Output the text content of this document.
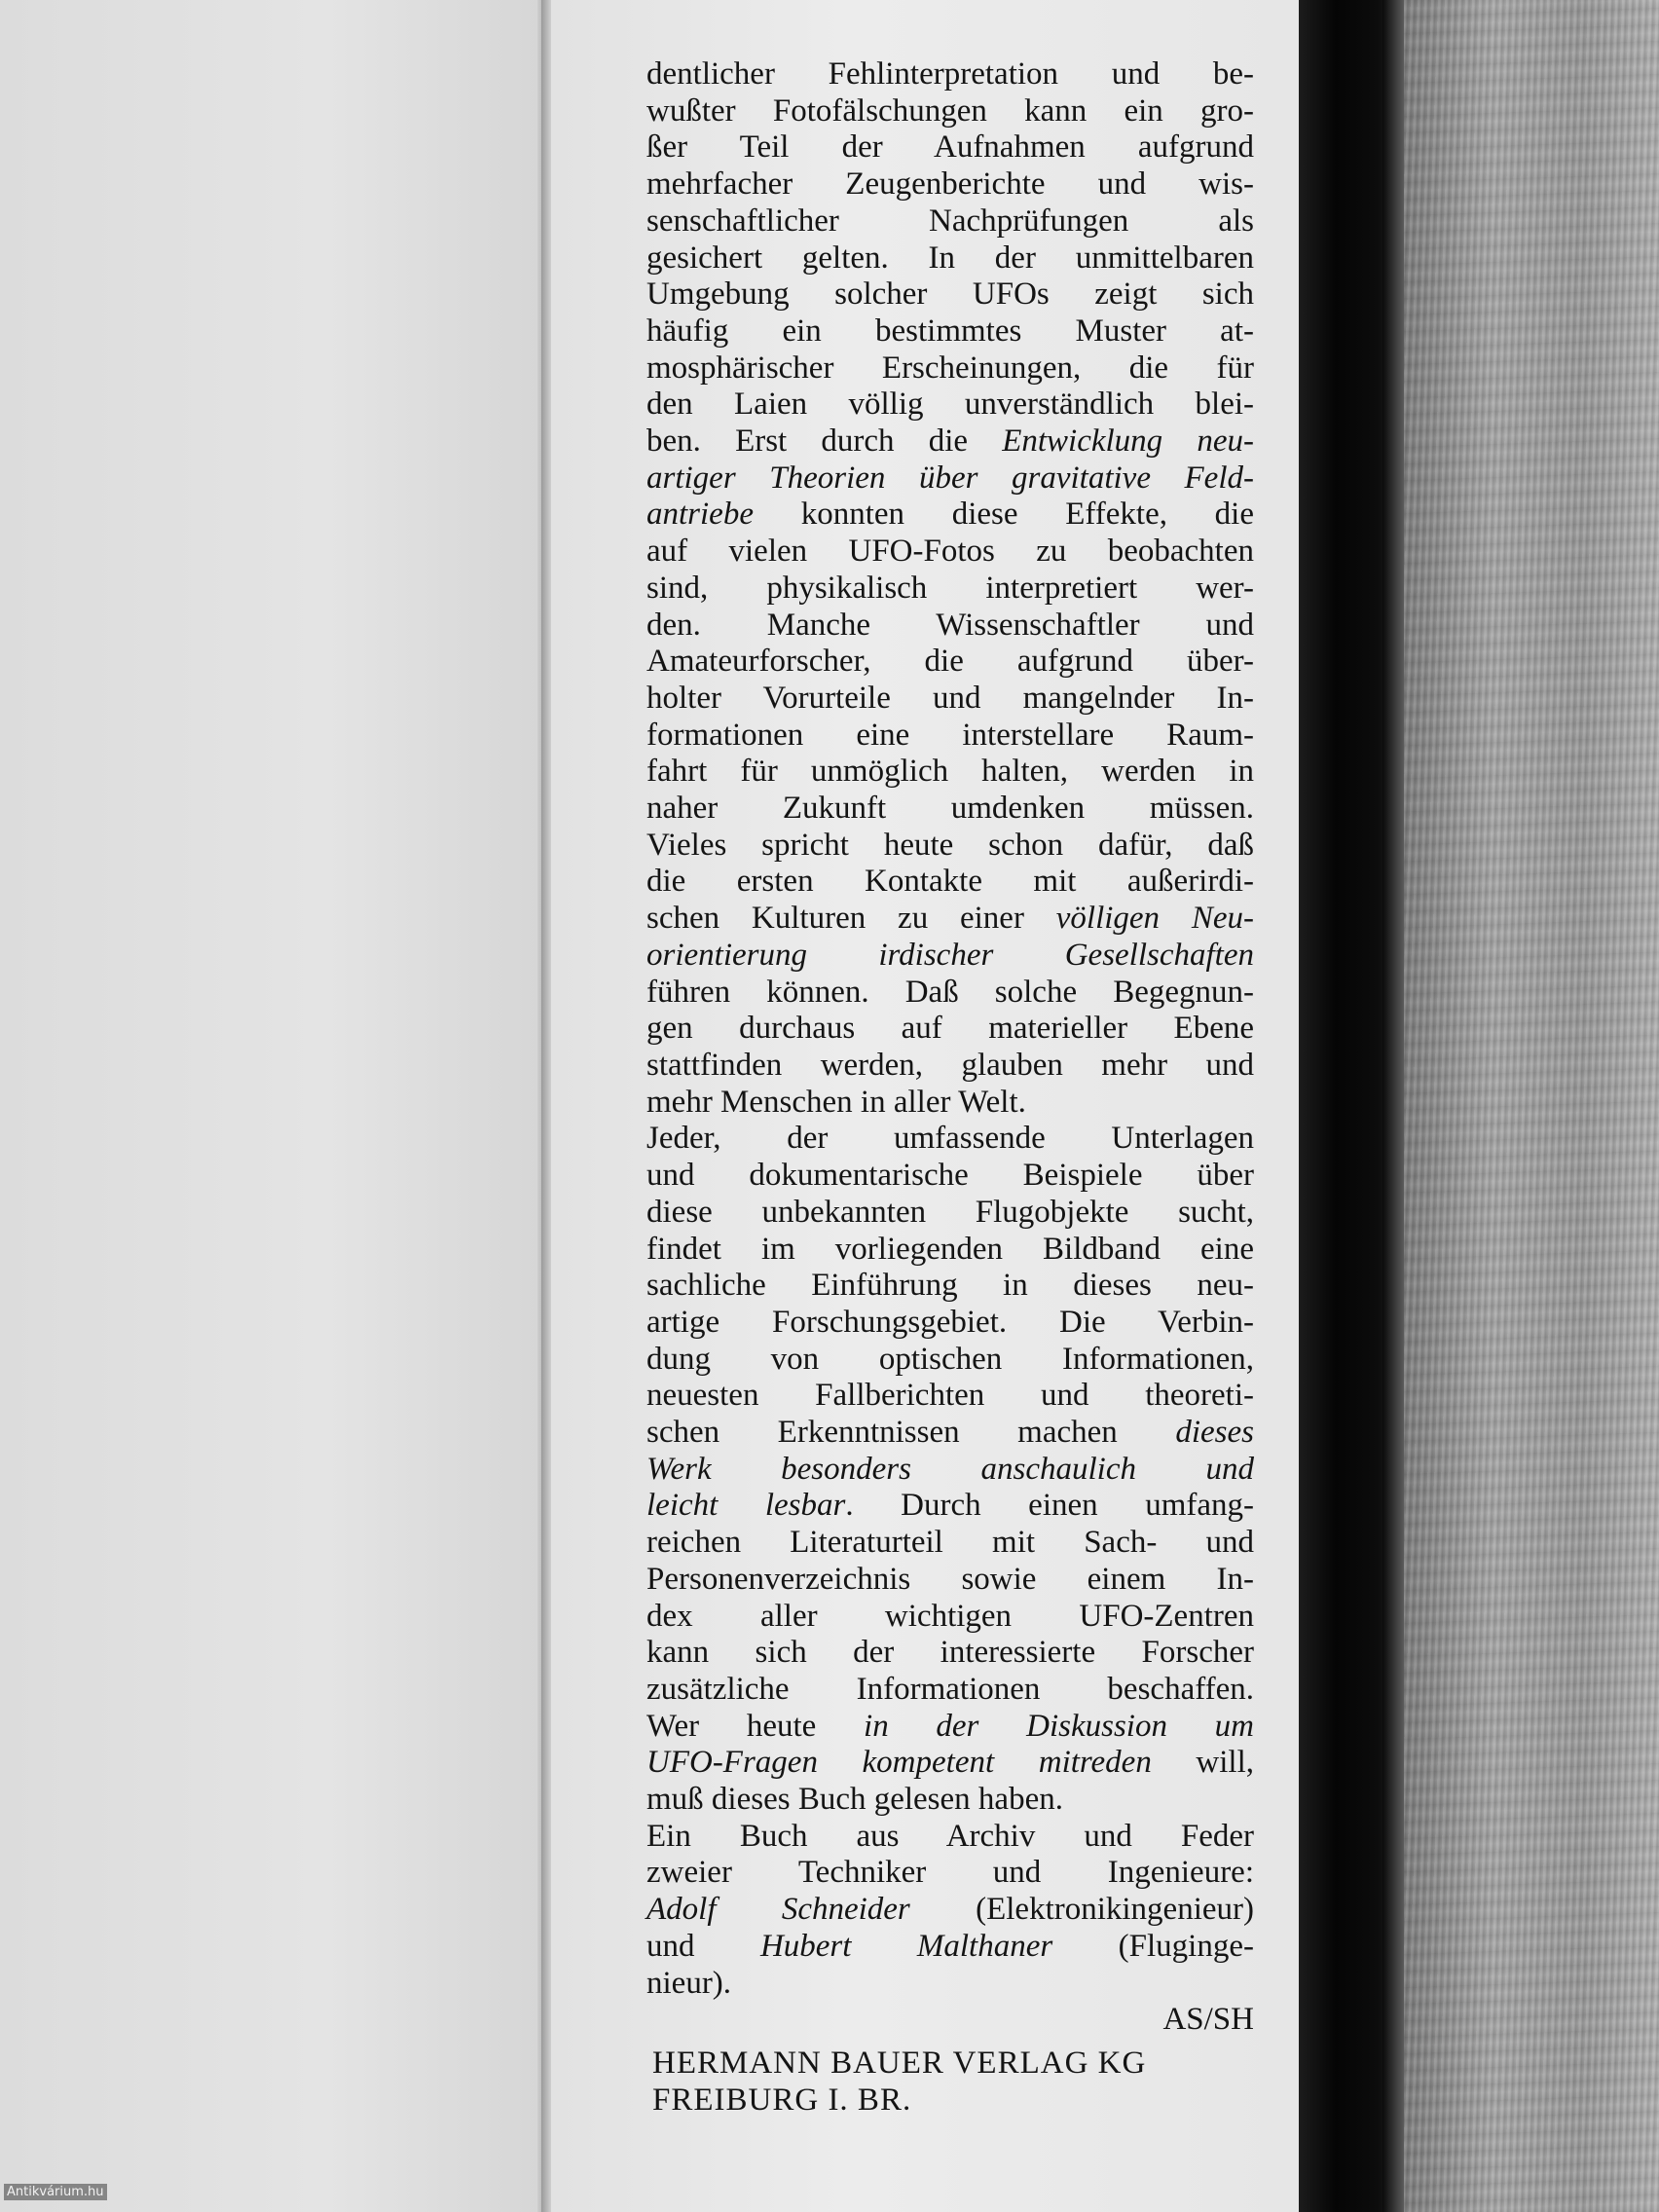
dentlicher Fehlinterpretation und be-
wußter Fotofälschungen kann ein gro-
ßer Teil der Aufnahmen aufgrund
mehrfacher Zeugenberichte und wis-
senschaftlicher Nachprüfungen als
gesichert gelten. In der unmittelbaren
Umgebung solcher UFOs zeigt sich
häufig ein bestimmtes Muster at-
mosphärischer Erscheinungen, die für
den Laien völlig unverständlich blei-
ben. Erst durch die Entwicklung neu-
artiger Theorien über gravitative Feld-
antriebe konnten diese Effekte, die
auf vielen UFO-Fotos zu beobachten
sind, physikalisch interpretiert wer-
den. Manche Wissenschaftler und
Amateurforscher, die aufgrund über-
holter Vorurteile und mangelnder In-
formationen eine interstellare Raum-
fahrt für unmöglich halten, werden in
naher Zukunft umdenken müssen.
Vieles spricht heute schon dafür, daß
die ersten Kontakte mit außerirdi-
schen Kulturen zu einer völligen Neu-
orientierung irdischer Gesellschaften
führen können. Daß solche Begegnun-
gen durchaus auf materieller Ebene
stattfinden werden, glauben mehr und
mehr Menschen in aller Welt.
Jeder, der umfassende Unterlagen
und dokumentarische Beispiele über
diese unbekannten Flugobjekte sucht,
findet im vorliegenden Bildband eine
sachliche Einführung in dieses neu-
artige Forschungsgebiet. Die Verbin-
dung von optischen Informationen,
neuesten Fallberichten und theoreti-
schen Erkenntnissen machen dieses
Werk besonders anschaulich und
leicht lesbar. Durch einen umfang-
reichen Literaturteil mit Sach- und
Personenverzeichnis sowie einem In-
dex aller wichtigen UFO-Zentren
kann sich der interessierte Forscher
zusätzliche Informationen beschaffen.
Wer heute in der Diskussion um
UFO-Fragen kompetent mitreden will,
muß dieses Buch gelesen haben.
Ein Buch aus Archiv und Feder
zweier Techniker und Ingenieure:
Adolf Schneider (Elektronikingenieur)
und Hubert Malthaner (Fluginge-
nieur).
AS/SH
HERMANN BAUER VERLAG KG
FREIBURG I. BR.
Antikvárium.hu
